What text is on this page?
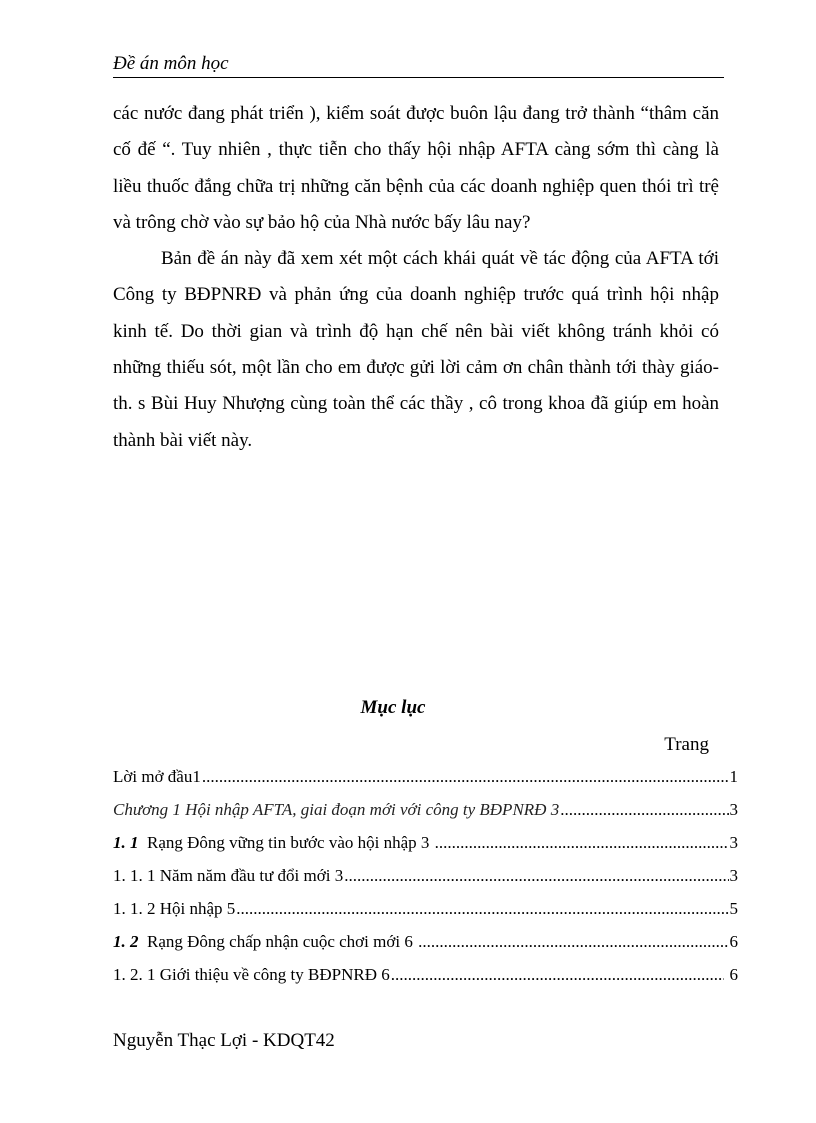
Đề án môn học

các nước đang phát triển ), kiểm soát được buôn lậu đang trở thành “thâm căn cố đế “. Tuy nhiên , thực tiễn cho thấy hội nhập AFTA càng sớm thì càng là liều thuốc đắng chữa trị những căn bệnh của các doanh nghiệp quen thói trì trệ và trông chờ vào sự bảo hộ của Nhà nước bấy lâu nay?

Bản đề án này đã xem xét một cách khái quát về tác động của AFTA tới Công ty BĐPNRĐ và phản ứng của doanh nghiệp trước quá trình hội nhập kinh tế. Do thời gian và trình độ hạn chế nên bài viết không tránh khỏi có những thiếu sót, một lần cho em được gửi lời cảm ơn chân thành tới thày giáo- th. s Bùi Huy Nhượng cùng toàn thể các thầy , cô trong khoa đã giúp em hoàn thành bài viết này.

Mục lục
Trang
Lời mở đầu1 .....	1
Chương 1 Hội nhập AFTA, giai đoạn mới với công ty BĐPNRĐ 3 .....	3
1. 1  Rạng Đông vững tin bước vào hội nhập 3 .....	3
1. 1. 1 Năm năm đầu tư đổi mới 3 .....	3
1. 1. 2 Hội nhập 5 .....	5
1. 2  Rạng Đông chấp nhận cuộc chơi mới 6 .....	6
1. 2. 1 Giới thiệu về công ty BĐPNRĐ 6 .....	6
Nguyễn Thạc Lợi - KDQT42
